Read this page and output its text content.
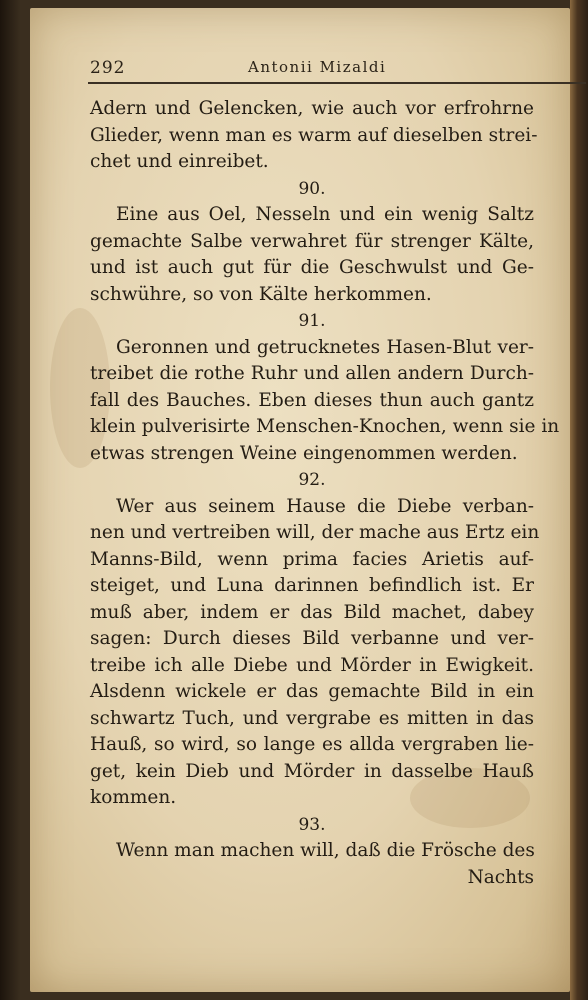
292	Antonii Mizaldi
Adern und Gelencken, wie auch vor erfrohrne
Glieder, wenn man es warm auf dieselben strei-
chet und einreibet.
90.
Eine aus Oel, Nesseln und ein wenig Saltz
gemachte Salbe verwahret für strenger Kälte,
und ist auch gut für die Geschwulst und Ge-
schwühre, so von Kälte herkommen.
91.
Geronnen und getrucknetes Hasen-Blut ver-
treibet die rothe Ruhr und allen andern Durch-
fall des Bauches. Eben dieses thun auch gantz
klein pulverisirte Menschen-Knochen, wenn sie in
etwas strengen Weine eingenommen werden.
92.
Wer aus seinem Hause die Diebe verban-
nen und vertreiben will, der mache aus Ertz ein
Manns-Bild, wenn prima facies Arietis auf-
steiget, und Luna darinnen befindlich ist. Er
muß aber, indem er das Bild machet, dabey
sagen: Durch dieses Bild verbanne und ver-
treibe ich alle Diebe und Mörder in Ewigkeit.
Alsdenn wickele er das gemachte Bild in ein
schwartz Tuch, und vergrabe es mitten in das
Hauß, so wird, so lange es allda vergraben lie-
get, kein Dieb und Mörder in dasselbe Hauß
kommen.
93.
Wenn man machen will, daß die Frösche des
Nachts
